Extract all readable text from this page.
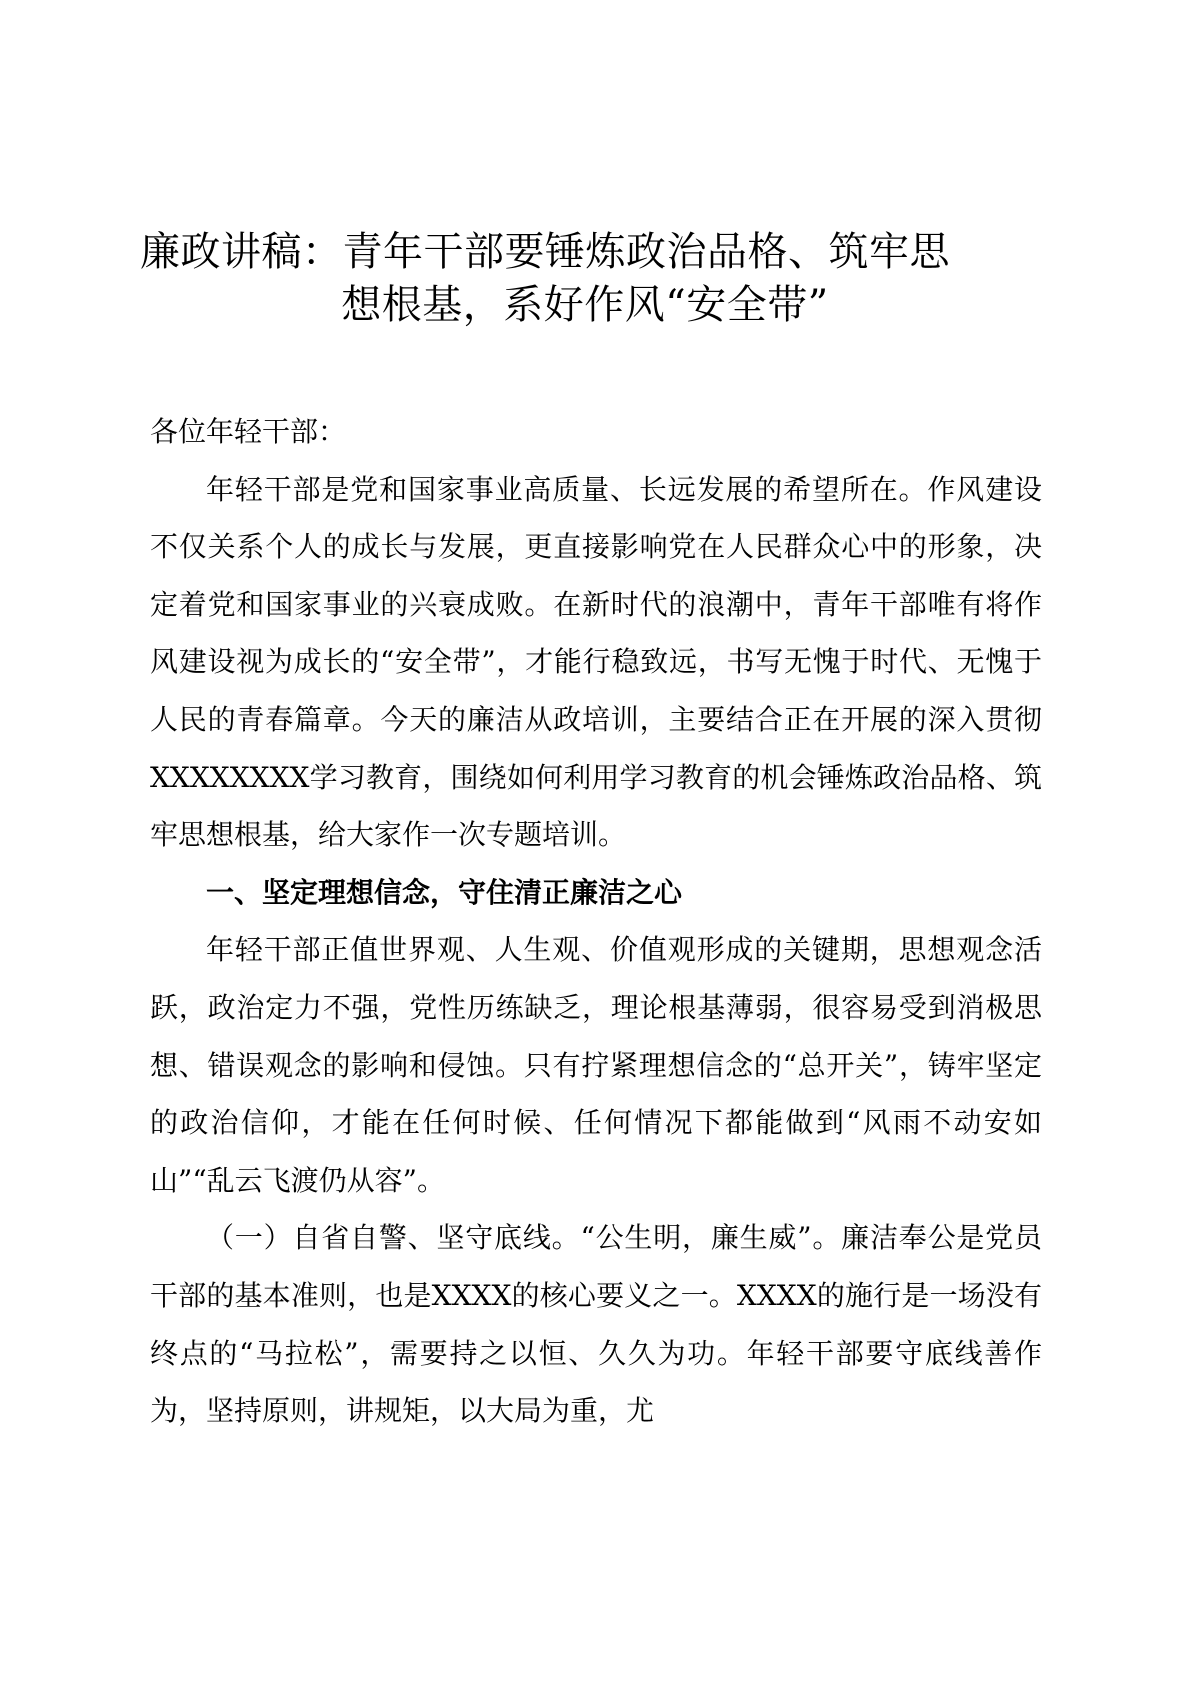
廉政讲稿：青年干部要锤炼政治品格、筑牢思
想根基，系好作风“安全带”

各位年轻干部：

年轻干部是党和国家事业高质量、长远发展的希望所在。作风建设不仅关系个人的成长与发展，更直接影响党在人民群众心中的形象，决定着党和国家事业的兴衰成败。在新时代的浪潮中，青年干部唯有将作风建设视为成长的“安全带”，才能行稳致远，书写无愧于时代、无愧于人民的青春篇章。今天的廉洁从政培训，主要结合正在开展的深入贯彻XXXXXXXX学习教育，围绕如何利用学习教育的机会锤炼政治品格、筑牢思想根基，给大家作一次专题培训。

一、坚定理想信念，守住清正廉洁之心

年轻干部正值世界观、人生观、价值观形成的关键期，思想观念活跃，政治定力不强，党性历练缺乏，理论根基薄弱，很容易受到消极思想、错误观念的影响和侵蚀。只有拧紧理想信念的“总开关”，铸牢坚定的政治信仰，才能在任何时候、任何情况下都能做到“风雨不动安如山”“乱云飞渡仍从容”。

（一）自省自警、坚守底线。“公生明，廉生威”。廉洁奉公是党员干部的基本准则，也是XXXX的核心要义之一。XXXX的施行是一场没有终点的“马拉松”，需要持之以恒、久久为功。年轻干部要守底线善作为，坚持原则，讲规矩，以大局为重，尤
